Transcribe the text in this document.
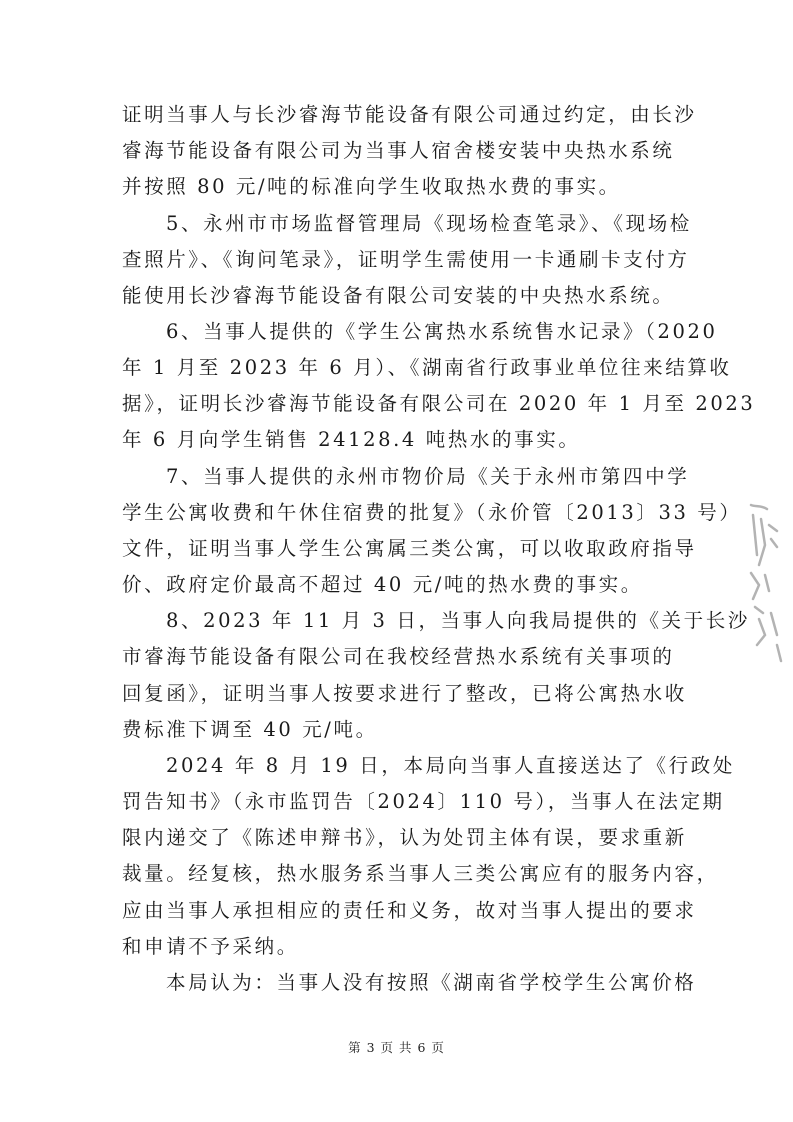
证明当事人与长沙睿海节能设备有限公司通过约定，由长沙
睿海节能设备有限公司为当事人宿舍楼安装中央热水系统
并按照 80 元/吨的标准向学生收取热水费的事实。
5、永州市市场监督管理局《现场检查笔录》、《现场检
查照片》、《询问笔录》，证明学生需使用一卡通刷卡支付方
能使用长沙睿海节能设备有限公司安装的中央热水系统。
6、当事人提供的《学生公寓热水系统售水记录》（2020
年 1 月至 2023 年 6 月）、《湖南省行政事业单位往来结算收
据》，证明长沙睿海节能设备有限公司在 2020 年 1 月至 2023
年 6 月向学生销售 24128.4 吨热水的事实。
7、当事人提供的永州市物价局《关于永州市第四中学
学生公寓收费和午休住宿费的批复》（永价管〔2013〕33 号）
文件，证明当事人学生公寓属三类公寓，可以收取政府指导
价、政府定价最高不超过 40 元/吨的热水费的事实。
8、2023 年 11 月 3 日，当事人向我局提供的《关于长沙
市睿海节能设备有限公司在我校经营热水系统有关事项的
回复函》，证明当事人按要求进行了整改，已将公寓热水收
费标准下调至 40 元/吨。
2024 年 8 月 19 日，本局向当事人直接送达了《行政处
罚告知书》（永市监罚告〔2024〕110 号），当事人在法定期
限内递交了《陈述申辩书》，认为处罚主体有误，要求重新
裁量。经复核，热水服务系当事人三类公寓应有的服务内容，
应由当事人承担相应的责任和义务，故对当事人提出的要求
和申请不予采纳。
本局认为：当事人没有按照《湖南省学校学生公寓价格
第 3 页 共 6 页
